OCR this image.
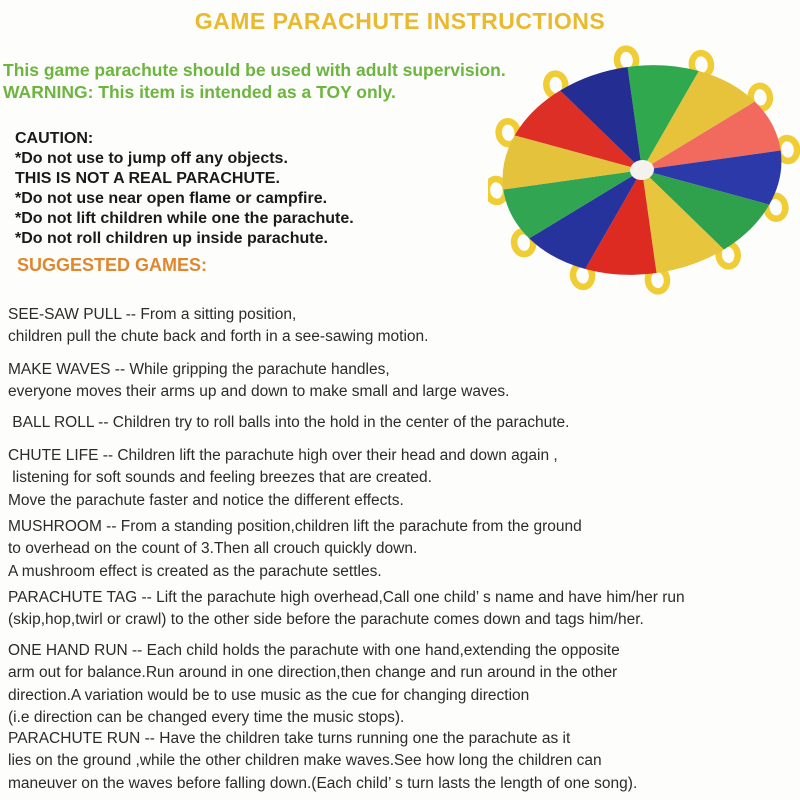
GAME PARACHUTE INSTRUCTIONS
This game parachute should be used with adult supervision.
WARNING: This item is intended as a TOY only.
CAUTION:
*Do not use to jump off any objects.
THIS IS NOT A REAL PARACHUTE.
*Do not use near open flame or campfire.
*Do not lift children while one the parachute.
*Do not roll children up inside parachute.
SUGGESTED GAMES:
SEE-SAW PULL -- From a sitting position,
children pull the chute back and forth in a see-sawing motion.
MAKE WAVES -- While gripping the parachute handles,
everyone moves their arms up and down to make small and large waves.
BALL ROLL -- Children try to roll balls into the hold in the center of the parachute.
CHUTE LIFE -- Children lift the parachute high over their head and down again ,
listening for soft sounds and feeling breezes that are created.
Move the parachute faster and notice the different effects.
MUSHROOM -- From a standing position,children lift the parachute from the ground
to overhead on the count of 3.Then all crouch quickly down.
A mushroom effect is created as the parachute settles.
PARACHUTE TAG -- Lift the parachute high overhead,Call one child’ s name and have him/her run
(skip,hop,twirl or crawl) to the other side before the parachute comes down and tags him/her.
ONE HAND RUN -- Each child holds the parachute with one hand,extending the opposite
arm out for balance.Run around in one direction,then change and run around in the other
direction.A variation would be to use music as the cue for changing direction
(i.e direction can be changed every time the music stops).
PARACHUTE RUN -- Have the children take turns running one the parachute as it
lies on the ground ,while the other children make waves.See how long the children can
maneuver on the waves before falling down.(Each child’ s turn lasts the length of one song).
